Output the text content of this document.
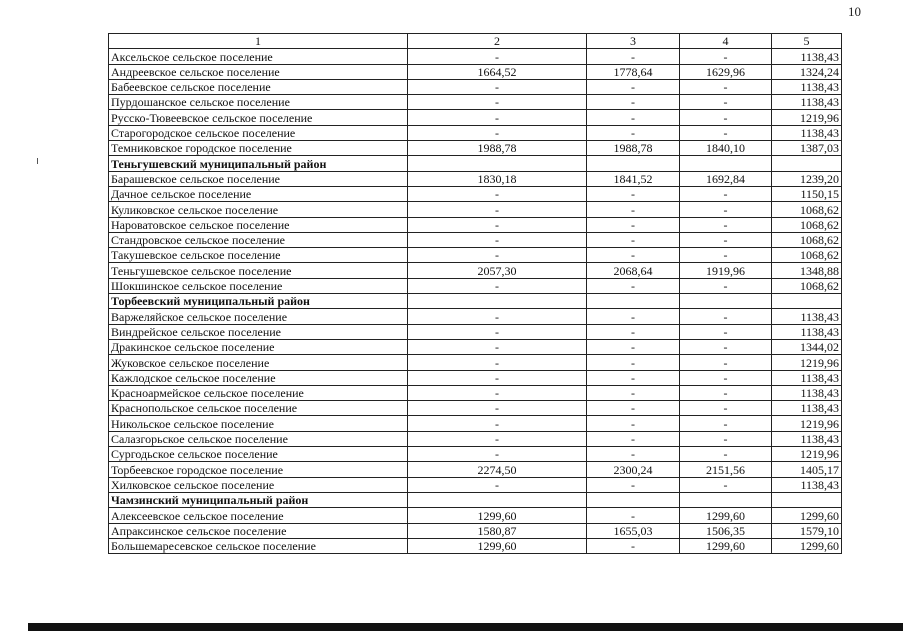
10
1	2	3	4	5
Аксельское сельское поселение	-	-	-	1138,43
Андреевское сельское поселение	1664,52	1778,64	1629,96	1324,24
Бабеевское сельское поселение	-	-	-	1138,43
Пурдошанское сельское поселение	-	-	-	1138,43
Русско-Тювеевское сельское поселение	-	-	-	1219,96
Старогородское сельское поселение	-	-	-	1138,43
Темниковское городское поселение	1988,78	1988,78	1840,10	1387,03
Теньгушевский муниципальный район				
Барашевское сельское поселение	1830,18	1841,52	1692,84	1239,20
Дачное сельское поселение	-	-	-	1150,15
Куликовское сельское поселение	-	-	-	1068,62
Нароватовское сельское поселение	-	-	-	1068,62
Стандровское сельское поселение	-	-	-	1068,62
Такушевское сельское поселение	-	-	-	1068,62
Теньгушевское сельское поселение	2057,30	2068,64	1919,96	1348,88
Шокшинское сельское поселение	-	-	-	1068,62
Торбеевский муниципальный район				
Варжеляйское сельское поселение	-	-	-	1138,43
Виндрейское сельское поселение	-	-	-	1138,43
Дракинское сельское поселение	-	-	-	1344,02
Жуковское сельское поселение	-	-	-	1219,96
Кажлодское сельское поселение	-	-	-	1138,43
Красноармейское сельское поселение	-	-	-	1138,43
Краснопольское сельское поселение	-	-	-	1138,43
Никольское сельское поселение	-	-	-	1219,96
Салазгорьское сельское поселение	-	-	-	1138,43
Сургодьское сельское поселение	-	-	-	1219,96
Торбеевское городское поселение	2274,50	2300,24	2151,56	1405,17
Хилковское сельское поселение	-	-	-	1138,43
Чамзинский муниципальный район				
Алексеевское сельское поселение	1299,60	-	1299,60	1299,60
Апраксинское сельское поселение	1580,87	1655,03	1506,35	1579,10
Большемаресевское сельское поселение	1299,60	-	1299,60	1299,60
